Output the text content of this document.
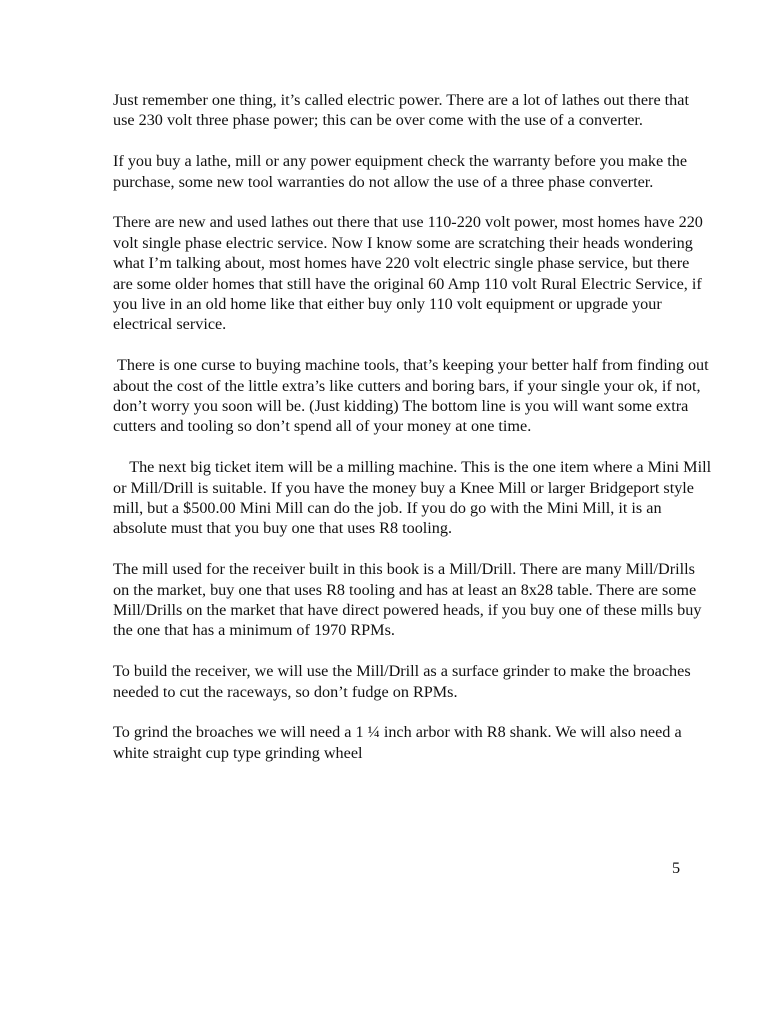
Just remember one thing, it’s called electric power. There are a lot of lathes out there that use 230 volt three phase power; this can be over come with the use of a converter.

If you buy a lathe, mill or any power equipment check the warranty before you make the purchase, some new tool warranties do not allow the use of a three phase converter.

There are new and used lathes out there that use 110-220 volt power, most homes have 220 volt single phase electric service. Now I know some are scratching their heads wondering what I’m talking about, most homes have 220 volt electric single phase service, but there are some older homes that still have the original 60 Amp 110 volt Rural Electric Service, if you live in an old home like that either buy only 110 volt equipment or upgrade your electrical service.

There is one curse to buying machine tools, that’s keeping your better half from finding out about the cost of the little extra’s like cutters and boring bars, if your single your ok, if not, don’t worry you soon will be. (Just kidding) The bottom line is you will want some extra cutters and tooling so don’t spend all of your money at one time.

The next big ticket item will be a milling machine. This is the one item where a Mini Mill or Mill/Drill is suitable. If you have the money buy a Knee Mill or larger Bridgeport style mill, but a $500.00 Mini Mill can do the job. If you do go with the Mini Mill, it is an absolute must that you buy one that uses R8 tooling.

The mill used for the receiver built in this book is a Mill/Drill. There are many Mill/Drills on the market, buy one that uses R8 tooling and has at least an 8x28 table. There are some Mill/Drills on the market that have direct powered heads, if you buy one of these mills buy the one that has a minimum of 1970 RPMs.

To build the receiver, we will use the Mill/Drill as a surface grinder to make the broaches needed to cut the raceways, so don’t fudge on RPMs.

To grind the broaches we will need a 1 ¼ inch arbor with R8 shank. We will also need a white straight cup type grinding wheel

5
